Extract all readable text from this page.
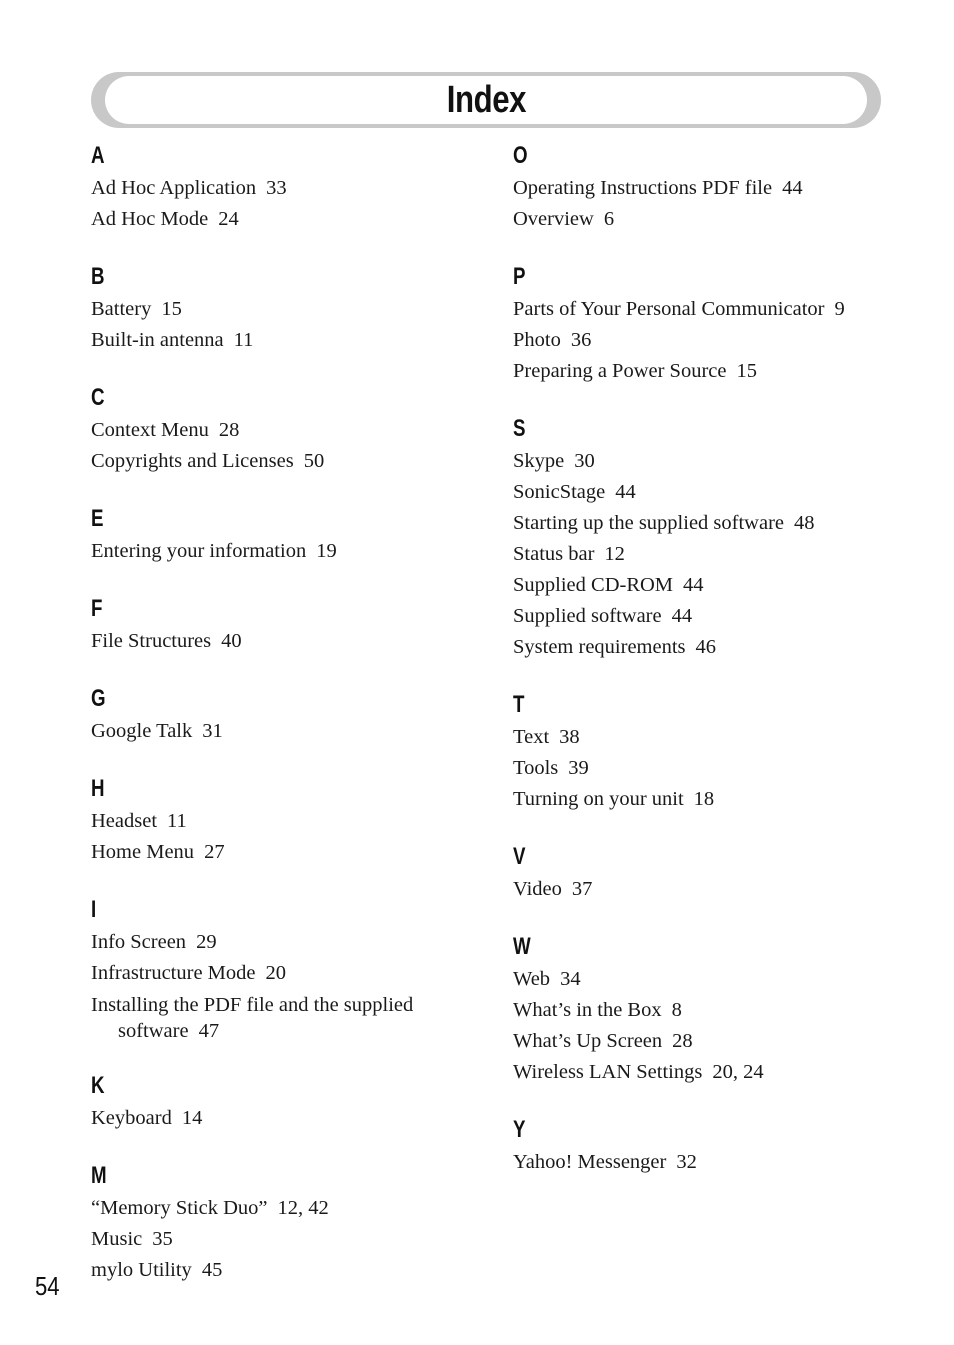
Index
A
Ad Hoc Application 33
Ad Hoc Mode 24
B
Battery 15
Built-in antenna 11
C
Context Menu 28
Copyrights and Licenses 50
E
Entering your information 19
F
File Structures 40
G
Google Talk 31
H
Headset 11
Home Menu 27
I
Info Screen 29
Infrastructure Mode 20
Installing the PDF file and the supplied software 47
K
Keyboard 14
M
“Memory Stick Duo” 12, 42
Music 35
mylo Utility 45
O
Operating Instructions PDF file 44
Overview 6
P
Parts of Your Personal Communicator 9
Photo 36
Preparing a Power Source 15
S
Skype 30
SonicStage 44
Starting up the supplied software 48
Status bar 12
Supplied CD-ROM 44
Supplied software 44
System requirements 46
T
Text 38
Tools 39
Turning on your unit 18
V
Video 37
W
Web 34
What’s in the Box 8
What’s Up Screen 28
Wireless LAN Settings 20, 24
Y
Yahoo! Messenger 32
54
